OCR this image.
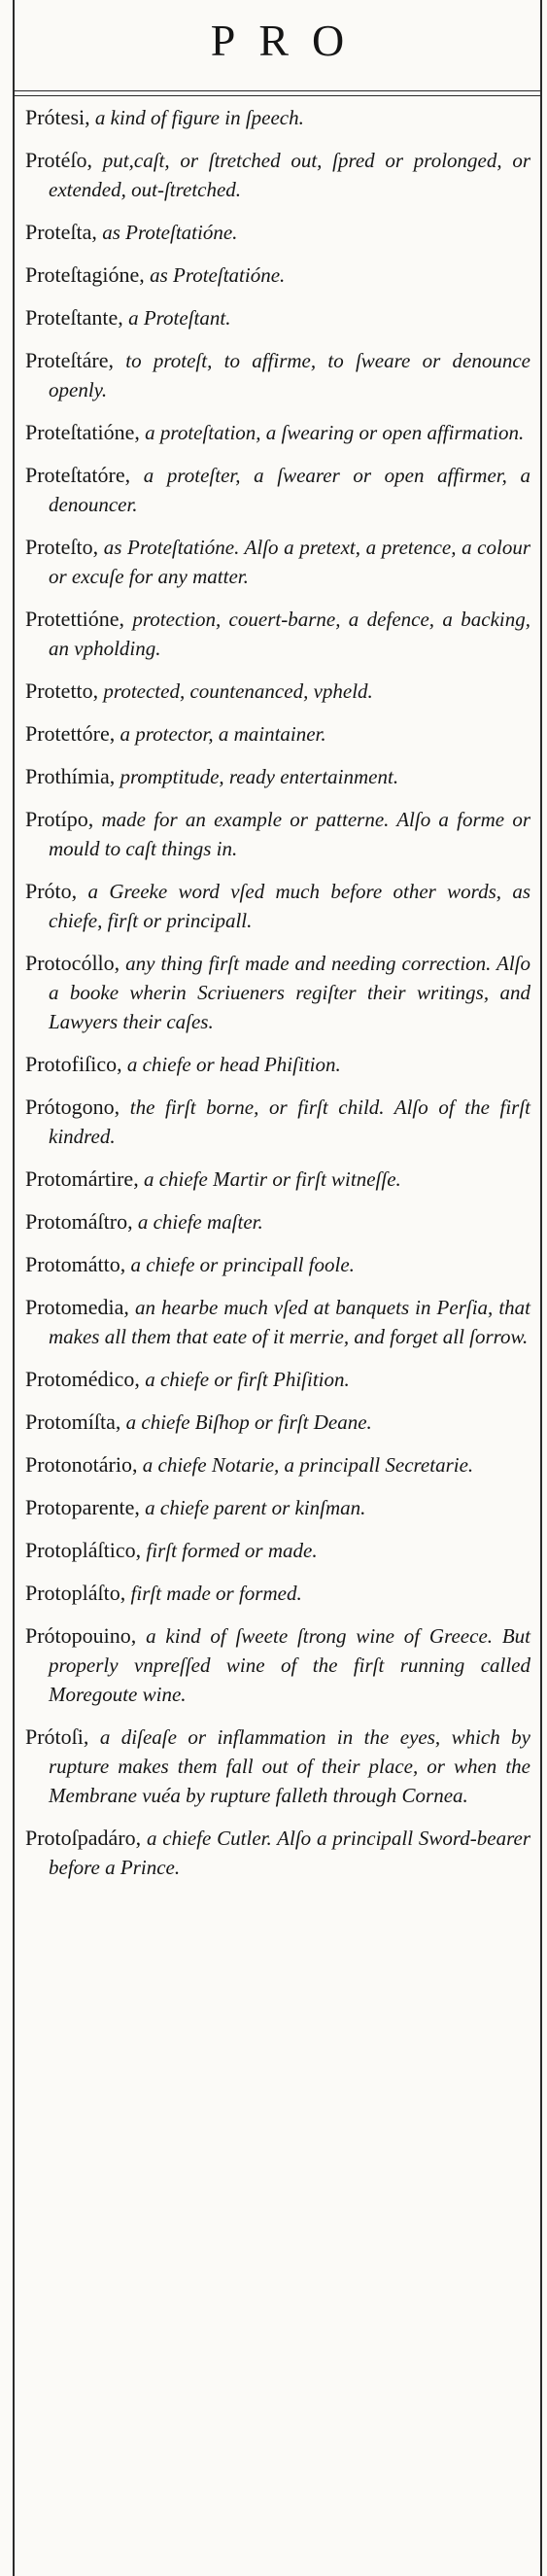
PRO

Prótesi, a kind of figure in ſpeech.

Protéſo, put,caſt, or ſtretched out, ſpred or prolonged, or extended, out-ſtretched.

Proteſta, as Proteſtatióne.

Proteſtagióne, as Proteſtatióne.

Proteſtante, a Proteſtant.

Proteſtáre, to proteſt, to affirme, to ſweare or denounce openly.

Proteſtatióne, a proteſtation, a ſwearing or open affirmation.

Proteſtatóre, a proteſter, a ſwearer or open affirmer, a denouncer.

Proteſto, as Proteſtatióne. Alſo a pretext, a pretence, a colour or excuſe for any matter.

Protettióne, protection, couert-barne, a defence, a backing, an vpholding.

Protetto, protected, countenanced, vpheld.

Protettóre, a protector, a maintainer.

Prothímia, promptitude, ready entertainment.

Protípo, made for an example or patterne. Alſo a forme or mould to caſt things in.

Próto, a Greeke word vſed much before other words, as chiefe, firſt or principall.

Protocóllo, any thing firſt made and needing correction. Alſo a booke wherin Scriueners regiſter their writings, and Lawyers their caſes.

Protofiſico, a chiefe or head Phiſition.

Prótogono, the firſt borne, or firſt child. Alſo of the firſt kindred.

Protomártire, a chiefe Martir or firſt witneſſe.

Protomáſtro, a chiefe maſter.

Protomátto, a chiefe or principall foole.

Protomedia, an hearbe much vſed at banquets in Perſia, that makes all them that eate of it merrie, and forget all ſorrow.

Protomédico, a chiefe or firſt Phiſition.

Protomíſta, a chiefe Biſhop or firſt Deane.

Protonotário, a chiefe Notarie, a principall Secretarie.

Protoparente, a chiefe parent or kinſman.

Protopláſtico, firſt formed or made.

Protopláſto, firſt made or formed.

Prótopouino, a kind of ſweete ſtrong wine of Greece. But properly vnpreſſed wine of the firſt running called Moregoute wine.

Prótoſi, a diſeaſe or inflammation in the eyes, which by rupture makes them fall out of their place, or when the Membrane vuéa by rupture falleth through Cornea.

Protoſpadáro, a chiefe Cutler. Alſo a principall Sword-bearer before a Prince.
